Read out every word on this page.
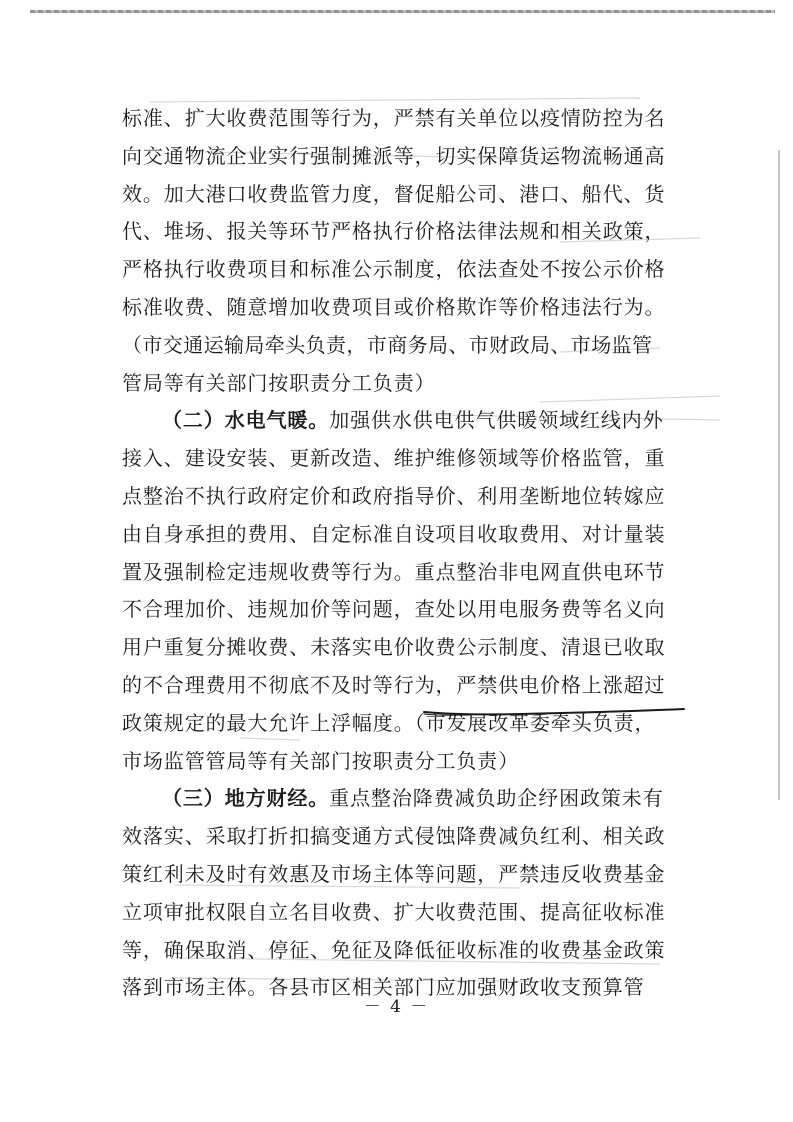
标准、扩大收费范围等行为，严禁有关单位以疫情防控为名
向交通物流企业实行强制摊派等，切实保障货运物流畅通高
效。加大港口收费监管力度，督促船公司、港口、船代、货
代、堆场、报关等环节严格执行价格法律法规和相关政策，
严格执行收费项目和标准公示制度，依法查处不按公示价格
标准收费、随意增加收费项目或价格欺诈等价格违法行为。
（市交通运输局牵头负责，市商务局、市财政局、市场监管
管局等有关部门按职责分工负责）
（二）水电气暖。加强供水供电供气供暖领域红线内外
接入、建设安装、更新改造、维护维修领域等价格监管，重
点整治不执行政府定价和政府指导价、利用垄断地位转嫁应
由自身承担的费用、自定标准自设项目收取费用、对计量装
置及强制检定违规收费等行为。重点整治非电网直供电环节
不合理加价、违规加价等问题，查处以用电服务费等名义向
用户重复分摊收费、未落实电价收费公示制度、清退已收取
的不合理费用不彻底不及时等行为，严禁供电价格上涨超过
政策规定的最大允许上浮幅度。（市发展改革委牵头负责，
市场监管管局等有关部门按职责分工负责）
（三）地方财经。重点整治降费减负助企纾困政策未有
效落实、采取打折扣搞变通方式侵蚀降费减负红利、相关政
策红利未及时有效惠及市场主体等问题，严禁违反收费基金
立项审批权限自立名目收费、扩大收费范围、提高征收标准
等，确保取消、停征、免征及降低征收标准的收费基金政策
落到市场主体。各县市区相关部门应加强财政收支预算管
－ 4 －
